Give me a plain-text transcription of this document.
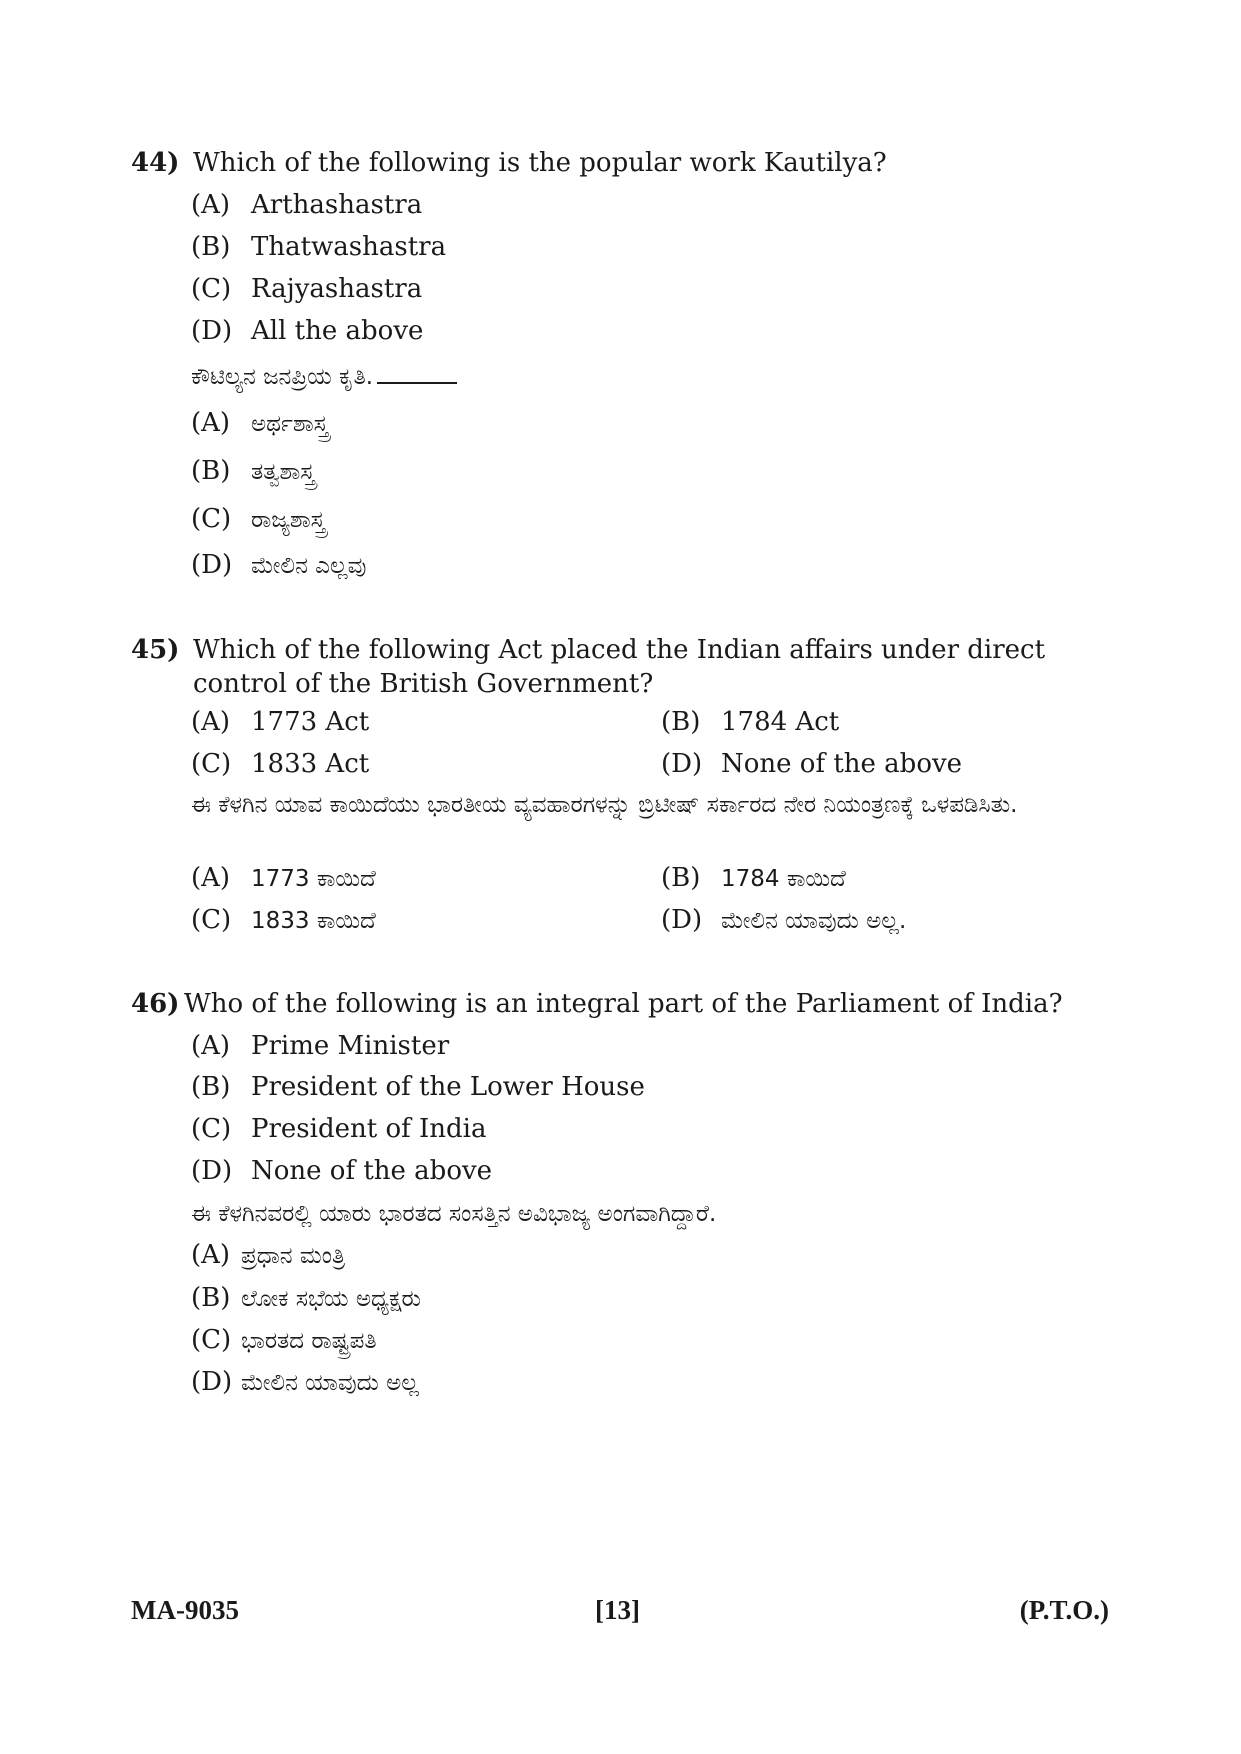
44) Which of the following is the popular work Kautilya?
(A) Arthashastra
(B) Thatwashastra
(C) Rajyashastra
(D) All the above
ಕೌಟಿಲ್ಯನ ಜನಪ್ರಿಯ ಕೃತಿ.
(A) ಅರ್ಥಶಾಸ್ತ್ರ
(B) ತತ್ವಶಾಸ್ತ್ರ
(C) ರಾಜ್ಯಶಾಸ್ತ್ರ
(D) ಮೇಲಿನ ಎಲ್ಲವು
45) Which of the following Act placed the Indian affairs under direct control of the British Government?
(A) 1773 Act	(B) 1784 Act
(C) 1833 Act	(D) None of the above
ಈ ಕೆಳಗಿನ ಯಾವ ಕಾಯಿದೆಯು ಭಾರತೀಯ ವ್ಯವಹಾರಗಳನ್ನು ಬ್ರಿಟೀಷ್ ಸರ್ಕಾರದ ನೇರ ನಿಯಂತ್ರಣಕ್ಕೆ ಒಳಪಡಿಸಿತು.
(A) 1773 ಕಾಯಿದೆ	(B) 1784 ಕಾಯಿದೆ
(C) 1833 ಕಾಯಿದೆ	(D) ಮೇಲಿನ ಯಾವುದು ಅಲ್ಲ.
46) Who of the following is an integral part of the Parliament of India?
(A) Prime Minister
(B) President of the Lower House
(C) President of India
(D) None of the above
ಈ ಕೆಳಗಿನವರಲ್ಲಿ ಯಾರು ಭಾರತದ ಸಂಸತ್ತಿನ ಅವಿಭಾಜ್ಯ ಅಂಗವಾಗಿದ್ದಾರೆ.
(A) ಪ್ರಧಾನ ಮಂತ್ರಿ
(B) ಲೋಕ ಸಭೆಯ ಅಧ್ಯಕ್ಷರು
(C) ಭಾರತದ ರಾಷ್ಟ್ರಪತಿ
(D) ಮೇಲಿನ ಯಾವುದು ಅಲ್ಲ
MA-9035	[13]	(P.T.O.)
